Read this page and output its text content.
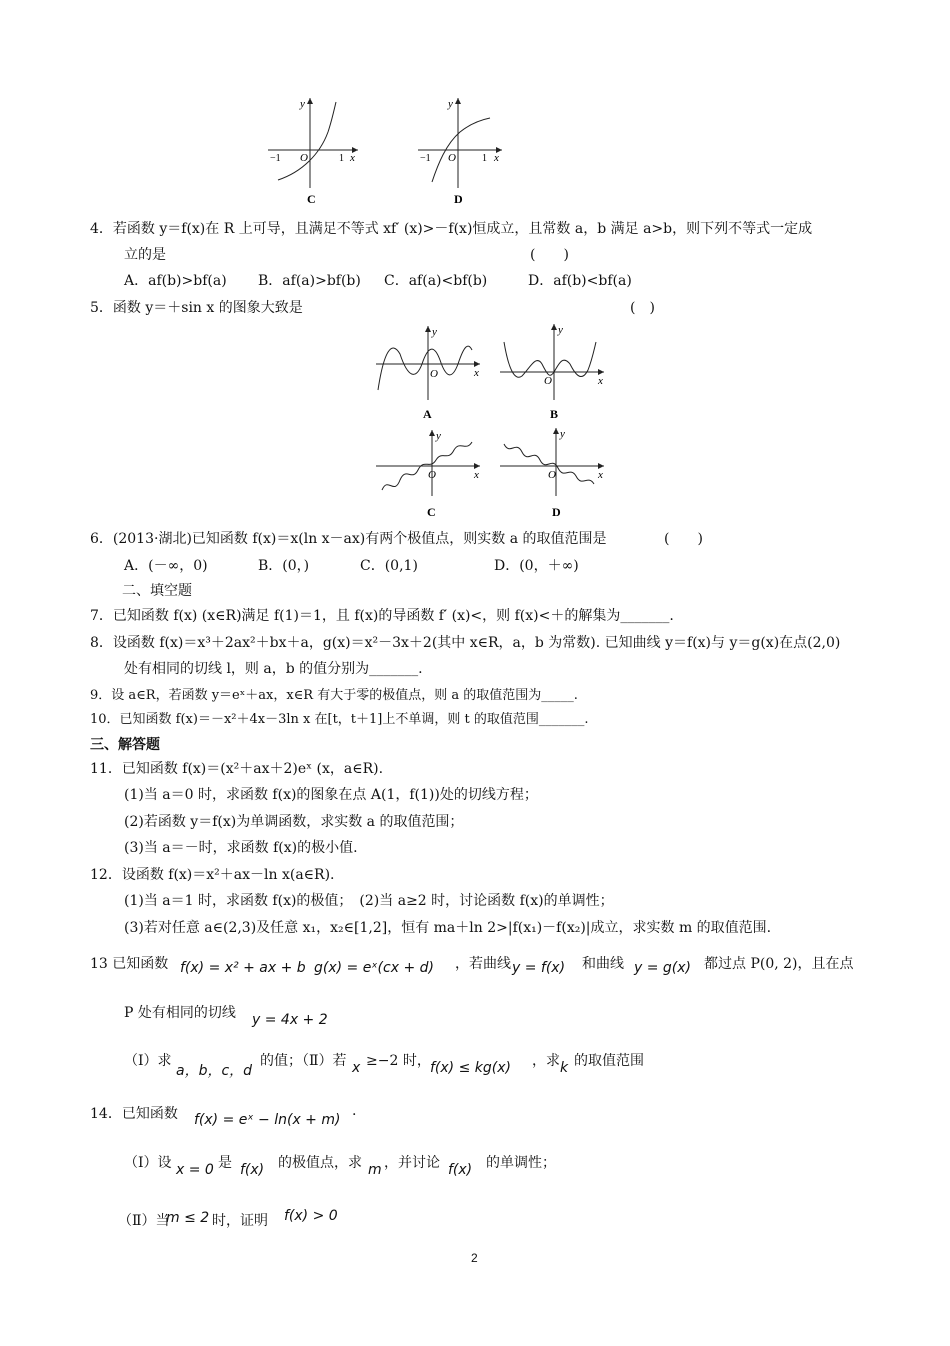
y
x
O
−1	1
C
y
x
O
−1	1
D
4．若函数 y＝f(x)在 R 上可导，且满足不等式 xf′ (x)>－f(x)恒成立，且常数 a，b 满足 a>b，则下列不等式一定成
立的是	(　　)
A．af(b)>bf(a) B．af(a)>bf(b) C．af(a)<bf(b)	D．af(b)<bf(a)
5．函数 y＝＋sin x 的图象大致是	(　)
y
x
O
A
y
x
O
B
y
x
O
C
y
x
O
D
6．(2013·湖北)已知函数 f(x)＝x(ln x－ax)有两个极值点，则实数 a 的取值范围是	(　　)
A．(－∞，0)	B．(0，)	C．(0,1)	D．(0，＋∞)
二、填空题
7．已知函数 f(x) (x∈R)满足 f(1)＝1，且 f(x)的导函数 f′ (x)<，则 f(x)<＋的解集为_______.
8．设函数 f(x)＝x³＋2ax²＋bx＋a，g(x)＝x²－3x＋2(其中 x∈R，a，b 为常数). 已知曲线 y＝f(x)与 y＝g(x)在点(2,0)
处有相同的切线 l，则 a，b 的值分别为_______.
9．设 a∈R，若函数 y＝eˣ＋ax，x∈R 有大于零的极值点，则 a 的取值范围为_____.
10．已知函数 f(x)＝－x²＋4x－3ln x 在[t，t＋1]上不单调，则 t 的取值范围_______.
三、解答题
11．已知函数 f(x)＝(x²＋ax＋2)eˣ (x，a∈R).
(1)当 a＝0 时，求函数 f(x)的图象在点 A(1，f(1))处的切线方程；
(2)若函数 y＝f(x)为单调函数，求实数 a 的取值范围；
(3)当 a＝－时，求函数 f(x)的极小值.
12．设函数 f(x)＝x²＋ax－ln x(a∈R).
(1)当 a＝1 时，求函数 f(x)的极值；　(2)当 a≥2 时，讨论函数 f(x)的单调性；
(3)若对任意 a∈(2,3)及任意 x₁，x₂∈[1,2]，恒有 ma＋ln 2>|f(x₁)－f(x₂)|成立，求实数 m 的取值范围.
13 已知函数 f(x) = x² + ax + b g(x) = eˣ(cx + d) ，若曲线 y = f(x) 和曲线 y = g(x) 都过点 P(0, 2)，且在点
P 处有相同的切线 y = 4x + 2
（Ⅰ）求
a，b，c，d
的值；（Ⅱ）若 x ≥−2 时， f(x) ≤ kg(x) ，求 k 的取值范围
14．已知函数 f(x) = eˣ − ln(x + m)
.
（Ⅰ）设 x = 0 是 f(x) 的极值点，求 m ，并讨论 f(x) 的单调性；
（Ⅱ）当
m ≤ 2 时，证明 f(x) > 0
2
